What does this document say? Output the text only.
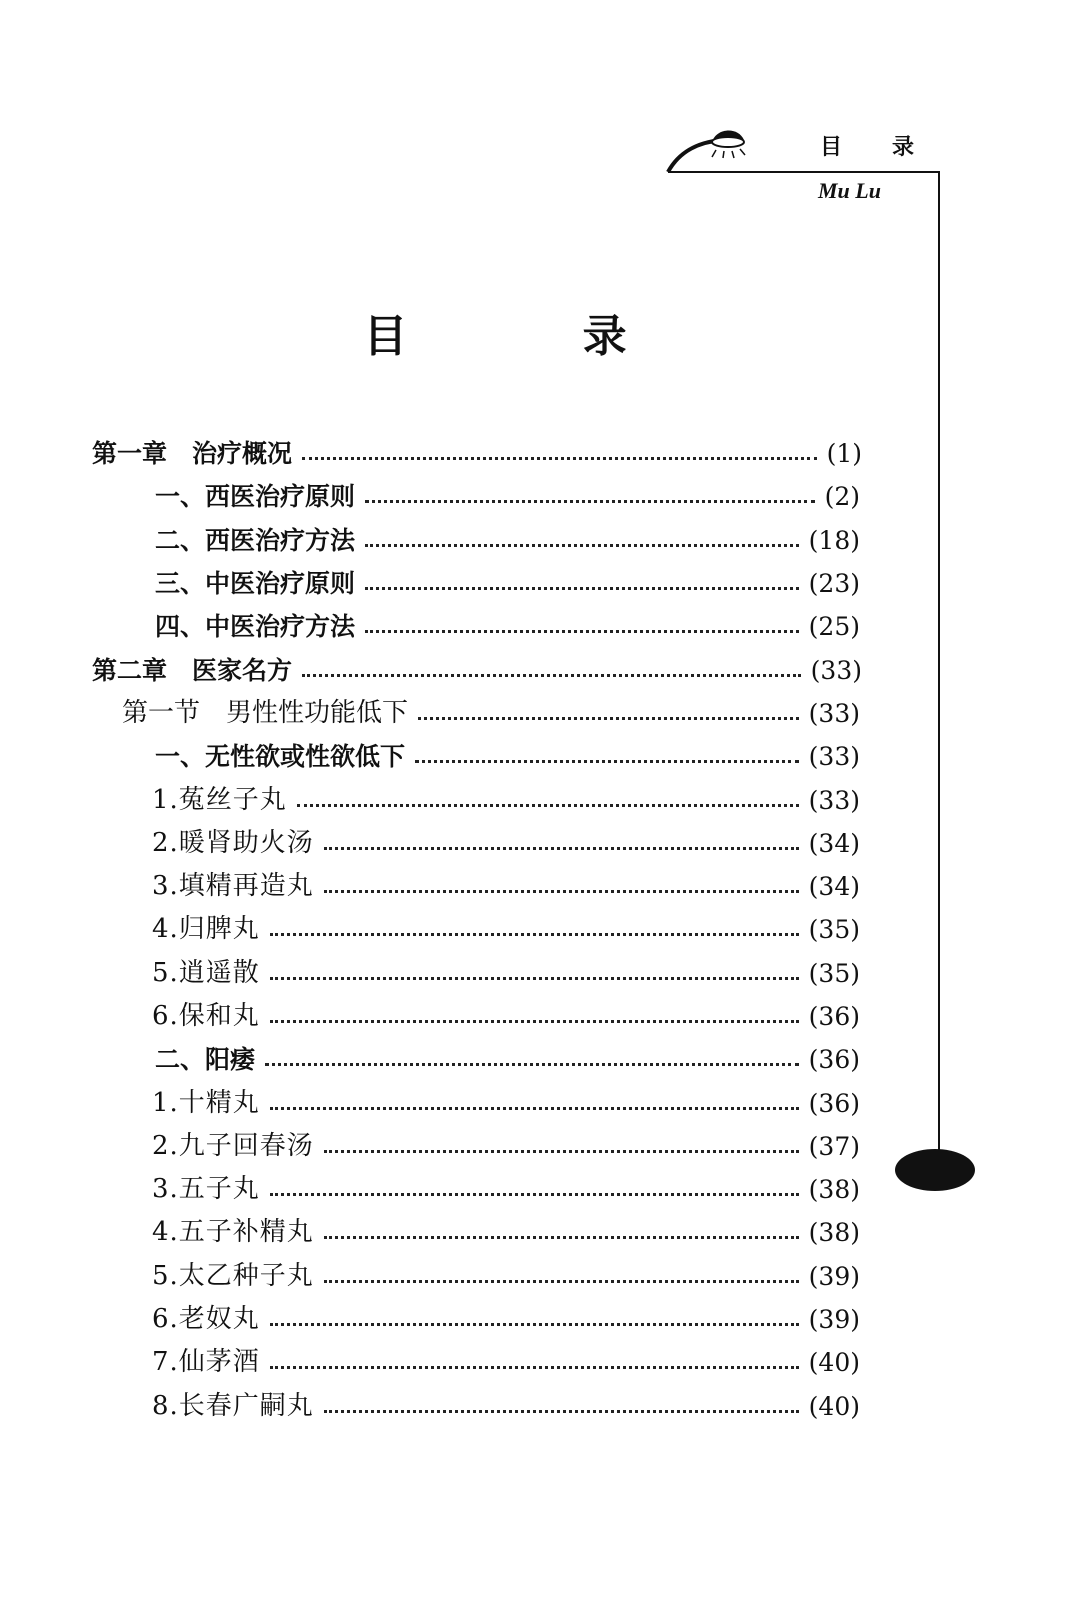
目　录
Mu Lu
目 录
第一章　治疗概况	(1)
一、西医治疗原则	(2)
二、西医治疗方法	(18)
三、中医治疗原则	(23)
四、中医治疗方法	(25)
第二章　医家名方	(33)
第一节　男性性功能低下	(33)
一、无性欲或性欲低下	(33)
1.菟丝子丸	(33)
2.暖肾助火汤	(34)
3.填精再造丸	(34)
4.归脾丸	(35)
5.逍遥散	(35)
6.保和丸	(36)
二、阳痿	(36)
1.十精丸	(36)
2.九子回春汤	(37)
3.五子丸	(38)
4.五子补精丸	(38)
5.太乙种子丸	(39)
6.老奴丸	(39)
7.仙茅酒	(40)
8.长春广嗣丸	(40)
